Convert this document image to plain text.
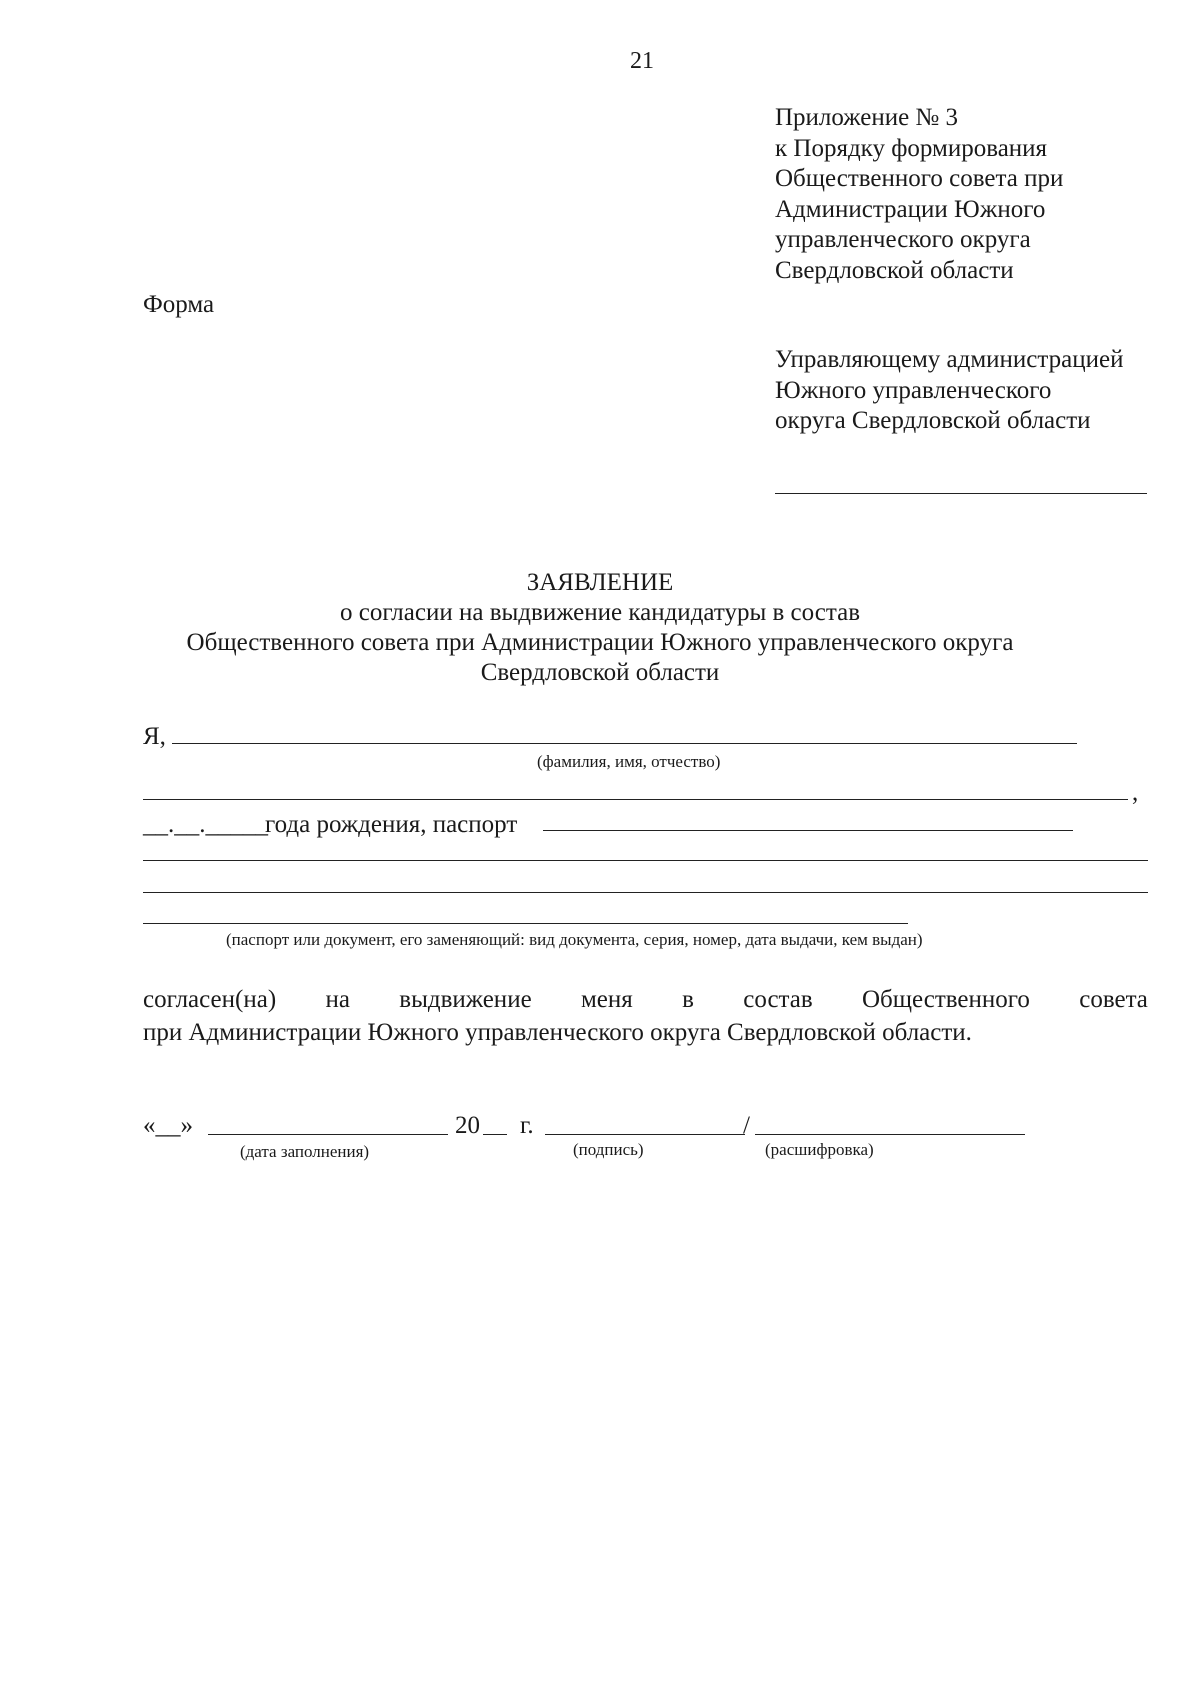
21
Приложение № 3
к Порядку формирования
Общественного совета при
Администрации Южного
управленческого округа
Свердловской области
Форма
Управляющему администрацией
Южного управленческого
округа Свердловской области
ЗАЯВЛЕНИЕ
о согласии на выдвижение кандидатуры в состав
Общественного совета при Администрации Южного управленческого округа
Свердловской области
Я,
(фамилия, имя, отчество)
,
__.__._____
года рождения, паспорт
(паспорт или документ, его заменяющий: вид документа, серия, номер, дата выдачи, кем выдан)
согласен(на) на выдвижение меня в состав Общественного совета
при Администрации Южного управленческого округа Свердловской области.
«__»	20 г.	/
(дата заполнения)	(подпись)	(расшифровка)
